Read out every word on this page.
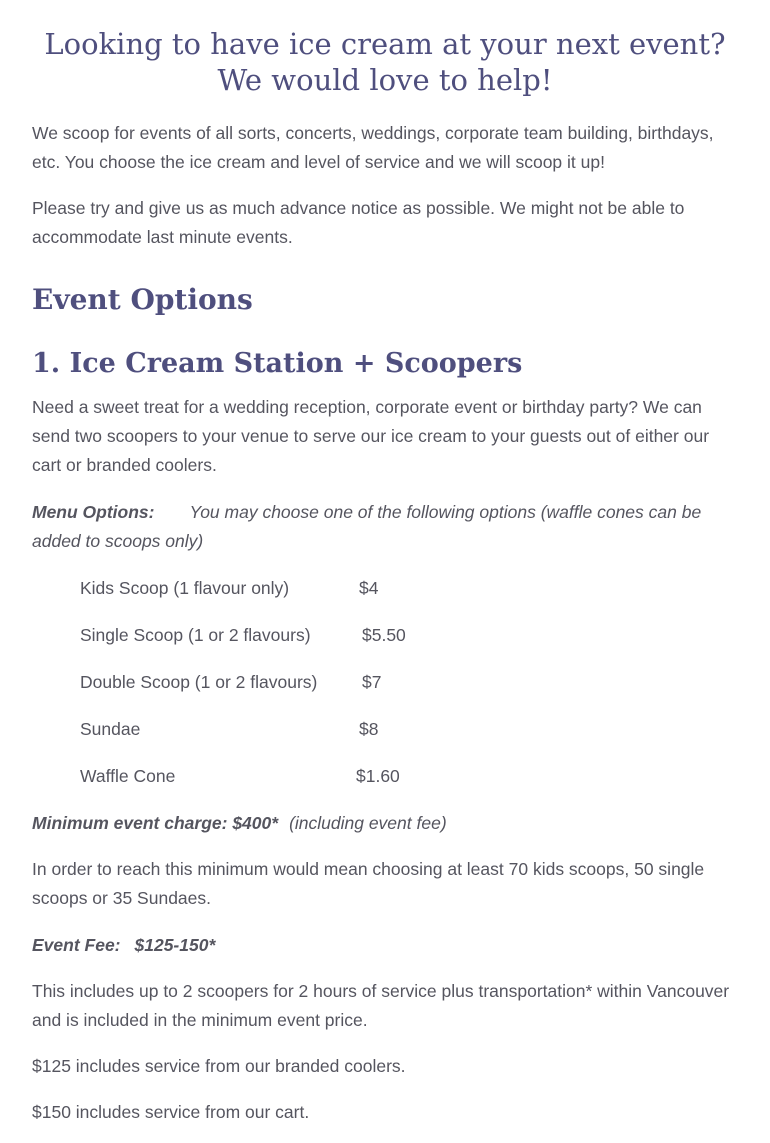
Looking to have ice cream at your next event? We would love to help!

We scoop for events of all sorts, concerts, weddings, corporate team building, birthdays, etc. You choose the ice cream and level of service and we will scoop it up!

Please try and give us as much advance notice as possible. We might not be able to accommodate last minute events.

Event Options
1. Ice Cream Station + Scoopers

Need a sweet treat for a wedding reception, corporate event or birthday party? We can send two scoopers to your venue to serve our ice cream to your guests out of either our cart or branded coolers.

Menu Options: You may choose one of the following options (waffle cones can be added to scoops only)

Kids Scoop (1 flavour only)	$4
Single Scoop (1 or 2 flavours)	$5.50
Double Scoop (1 or 2 flavours)	$7
Sundae	$8
Waffle Cone	$1.60

Minimum event charge: $400* (including event fee)

In order to reach this minimum would mean choosing at least 70 kids scoops, 50 single scoops or 35 Sundaes.

Event Fee: $125-150*

This includes up to 2 scoopers for 2 hours of service plus transportation* within Vancouver and is included in the minimum event price.

$125 includes service from our branded coolers.

$150 includes service from our cart.
